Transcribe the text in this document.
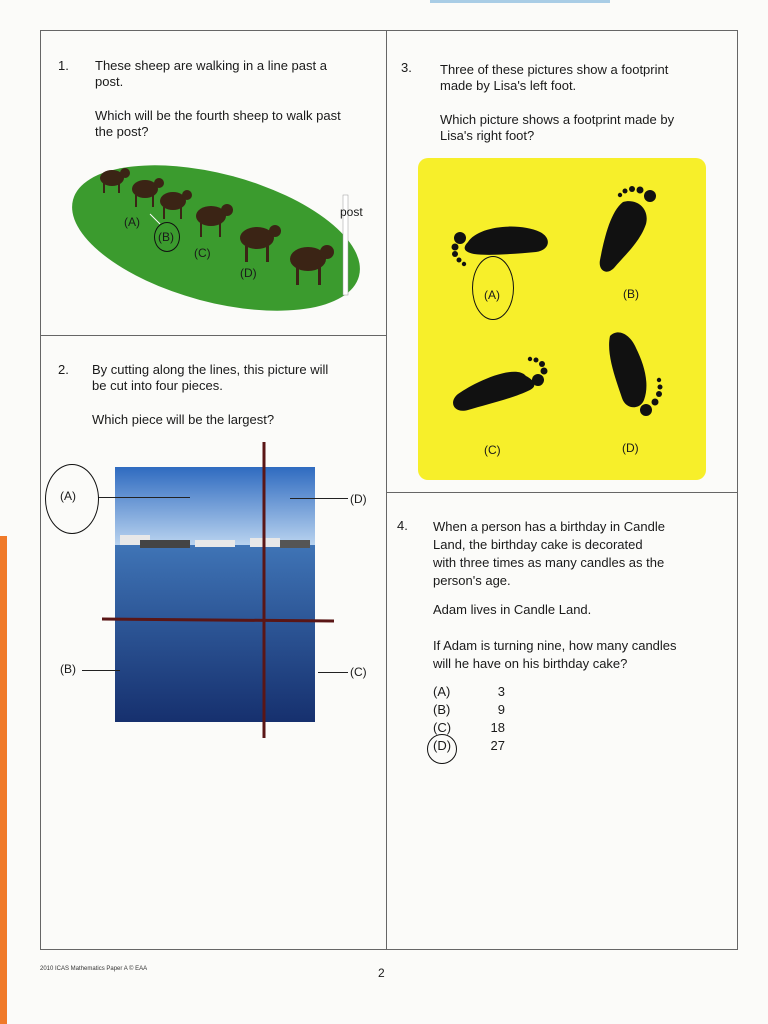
1. These sheep are walking in a line past a
post.
Which will be the fourth sheep to walk past
the post?
post
(A)
(B)
(C)
(D)
2. By cutting along the lines, this picture will
be cut into four pieces.
Which piece will be the largest?
(A)	(D)
(B)	(C)
3. Three of these pictures show a footprint
made by Lisa's left foot.
Which picture shows a footprint made by
Lisa's right foot?
(A)	(B)
(C)	(D)
4. When a person has a birthday in Candle
Land, the birthday cake is decorated
with three times as many candles as the
person's age.
Adam lives in Candle Land.
If Adam is turning nine, how many candles
will he have on his birthday cake?
(A)	3
(B)	9
(C)	18
(D)	27
2010 ICAS Mathematics Paper A © EAA	2
